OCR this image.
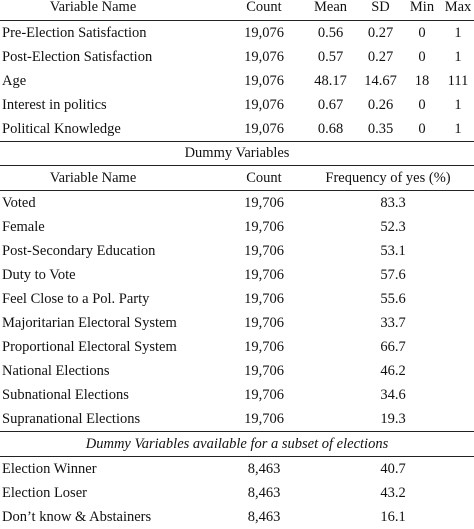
Variable Name	Count	Mean	SD	Min	Max
Pre-Election Satisfaction	19,076	0.56	0.27	0	1
Post-Election Satisfaction	19,076	0.57	0.27	0	1
Age	19,076	48.17	14.67	18	111
Interest in politics	19,076	0.67	0.26	0	1
Political Knowledge	19,076	0.68	0.35	0	1
Dummy Variables
Variable Name	Count	Frequency of yes (%)
Voted	19,706	83.3
Female	19,706	52.3
Post-Secondary Education	19,706	53.1
Duty to Vote	19,706	57.6
Feel Close to a Pol. Party	19,706	55.6
Majoritarian Electoral System	19,706	33.7
Proportional Electoral System	19,706	66.7
National Elections	19,706	46.2
Subnational Elections	19,706	34.6
Supranational Elections	19,706	19.3
Dummy Variables available for a subset of elections
Election Winner	8,463	40.7
Election Loser	8,463	43.2
Don’t know & Abstainers	8,463	16.1
